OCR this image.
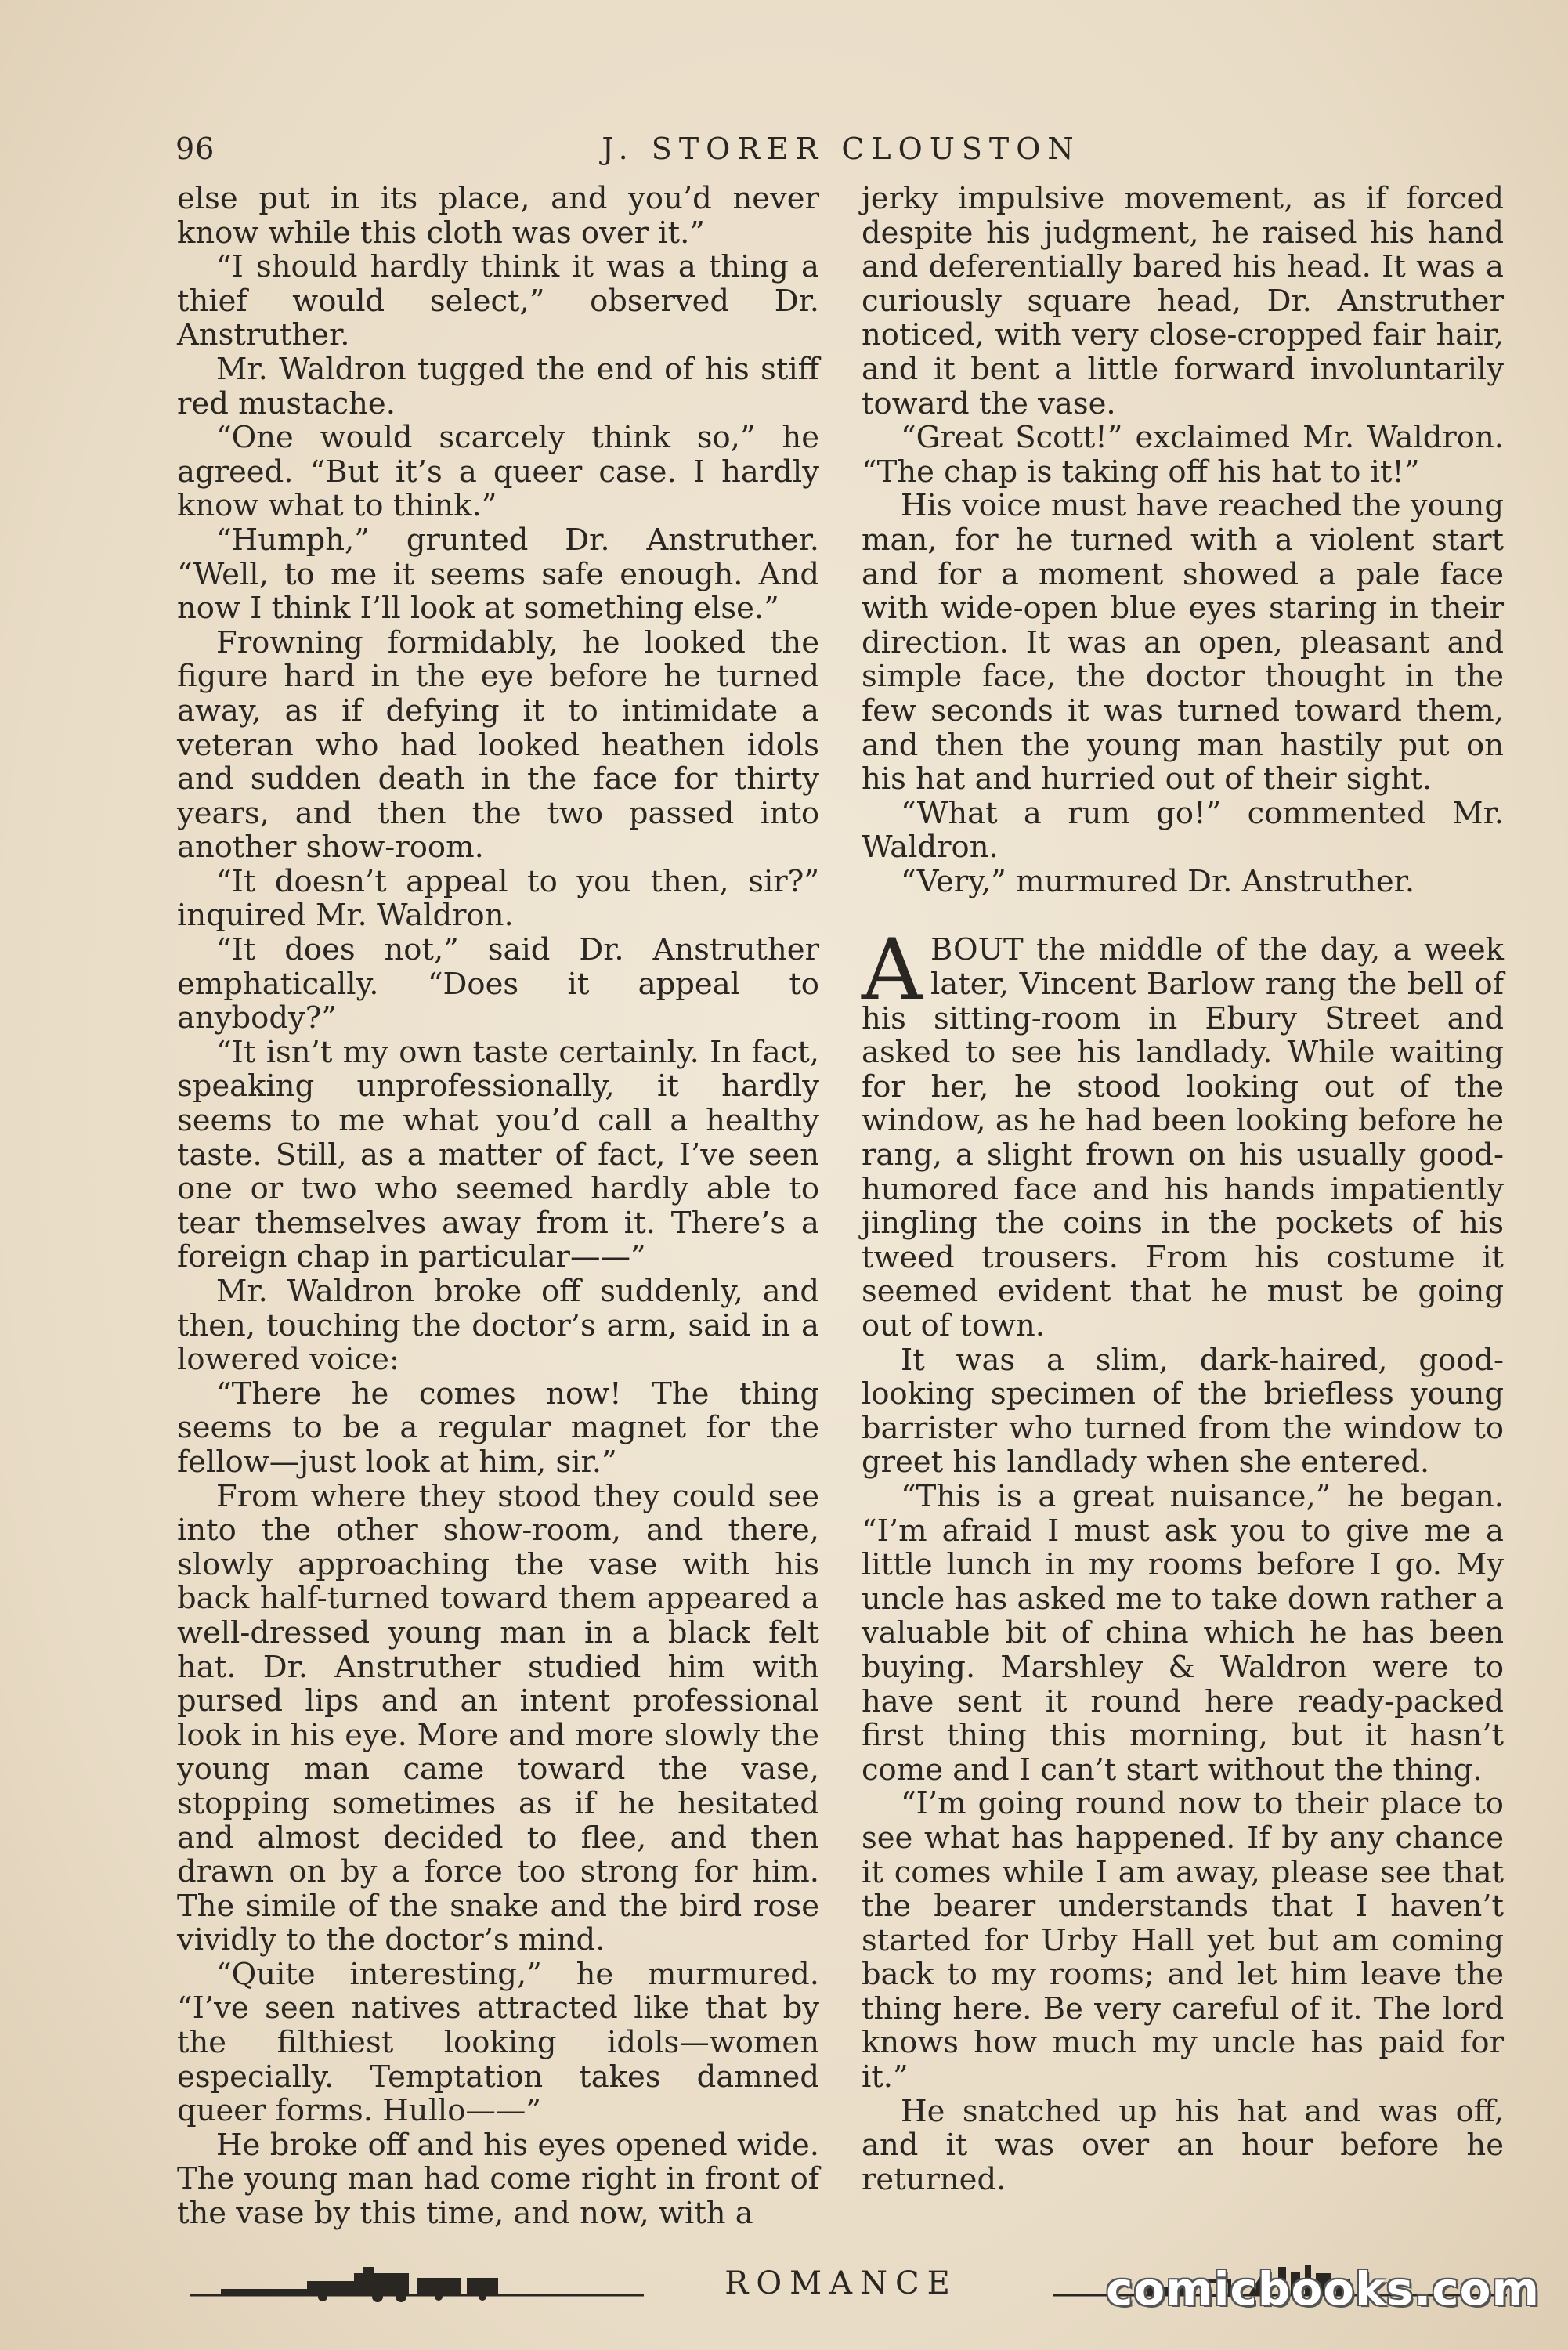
96	J. STORER CLOUSTON

else put in its place, and you’d never know while this cloth was over it.”

“I should hardly think it was a thing a thief would select,” observed Dr. Anstruther.

Mr. Waldron tugged the end of his stiff red mustache.

“One would scarcely think so,” he agreed. “But it’s a queer case. I hardly know what to think.”

“Humph,” grunted Dr. Anstruther. “Well, to me it seems safe enough. And now I think I’ll look at something else.”

Frowning formidably, he looked the figure hard in the eye before he turned away, as if defying it to intimidate a veteran who had looked heathen idols and sudden death in the face for thirty years, and then the two passed into another show-room.

“It doesn’t appeal to you then, sir?” inquired Mr. Waldron.

“It does not,” said Dr. Anstruther emphatically. “Does it appeal to anybody?”

“It isn’t my own taste certainly. In fact, speaking unprofessionally, it hardly seems to me what you’d call a healthy taste. Still, as a matter of fact, I’ve seen one or two who seemed hardly able to tear themselves away from it. There’s a foreign chap in particular——”

Mr. Waldron broke off suddenly, and then, touching the doctor’s arm, said in a lowered voice:

“There he comes now! The thing seems to be a regular magnet for the fellow—just look at him, sir.”

From where they stood they could see into the other show-room, and there, slowly approaching the vase with his back half-turned toward them appeared a well-dressed young man in a black felt hat. Dr. Anstruther studied him with pursed lips and an intent professional look in his eye. More and more slowly the young man came toward the vase, stopping sometimes as if he hesitated and almost decided to flee, and then drawn on by a force too strong for him. The simile of the snake and the bird rose vividly to the doctor’s mind.

“Quite interesting,” he murmured. “I’ve seen natives attracted like that by the filthiest looking idols—women especially. Temptation takes damned queer forms. Hullo——”

He broke off and his eyes opened wide. The young man had come right in front of the vase by this time, and now, with a

jerky impulsive movement, as if forced despite his judgment, he raised his hand and deferentially bared his head. It was a curiously square head, Dr. Anstruther noticed, with very close-cropped fair hair, and it bent a little forward involuntarily toward the vase.

“Great Scott!” exclaimed Mr. Waldron. “The chap is taking off his hat to it!”

His voice must have reached the young man, for he turned with a violent start and for a moment showed a pale face with wide-open blue eyes staring in their direction. It was an open, pleasant and simple face, the doctor thought in the few seconds it was turned toward them, and then the young man hastily put on his hat and hurried out of their sight.

“What a rum go!” commented Mr. Waldron.

“Very,” murmured Dr. Anstruther.

ABOUT the middle of the day, a week later, Vincent Barlow rang the bell of his sitting-room in Ebury Street and asked to see his landlady. While waiting for her, he stood looking out of the window, as he had been looking before he rang, a slight frown on his usually good-humored face and his hands impatiently jingling the coins in the pockets of his tweed trousers. From his costume it seemed evident that he must be going out of town.

It was a slim, dark-haired, good-looking specimen of the briefless young barrister who turned from the window to greet his landlady when she entered.

“This is a great nuisance,” he began. “I’m afraid I must ask you to give me a little lunch in my rooms before I go. My uncle has asked me to take down rather a valuable bit of china which he has been buying. Marshley & Waldron were to have sent it round here ready-packed first thing this morning, but it hasn’t come and I can’t start without the thing.

“I’m going round now to their place to see what has happened. If by any chance it comes while I am away, please see that the bearer understands that I haven’t started for Urby Hall yet but am coming back to my rooms; and let him leave the thing here. Be very careful of it. The lord knows how much my uncle has paid for it.”

He snatched up his hat and was off, and it was over an hour before he returned.

ROMANCE	comicbooks.com
